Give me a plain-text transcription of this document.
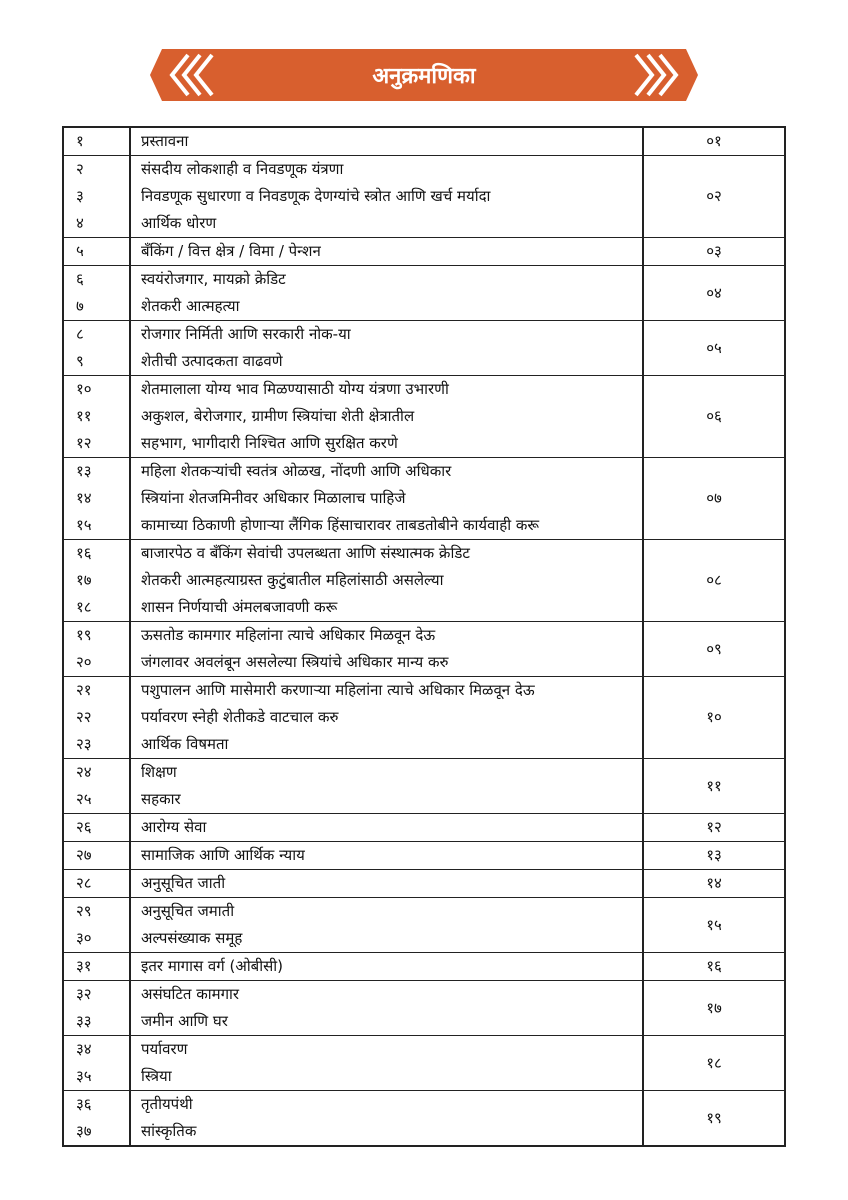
अनुक्रमणिका
१	प्रस्तावना	०१
२	संसदीय लोकशाही व निवडणूक यंत्रणा	०२
३	निवडणूक सुधारणा व निवडणूक देणग्यांचे स्त्रोत आणि खर्च मर्यादा	
४	आर्थिक धोरण	
५	बँकिंग / वित्त क्षेत्र / विमा / पेन्शन	०३
६	स्वयंरोजगार, मायक्रो क्रेडिट	०४
७	शेतकरी आत्महत्या	
८	रोजगार निर्मिती आणि सरकारी नोक-या	०५
९	शेतीची उत्पादकता वाढवणे	
१०	शेतमालाला योग्य भाव मिळण्यासाठी योग्य यंत्रणा उभारणी	०६
११	अकुशल, बेरोजगार, ग्रामीण स्त्रियांचा शेती क्षेत्रातील	
१२	सहभाग, भागीदारी निश्चित आणि सुरक्षित करणे	
१३	महिला शेतकऱ्यांची स्वतंत्र ओळख, नोंदणी आणि अधिकार	०७
१४	स्त्रियांना शेतजमिनीवर अधिकार मिळालाच पाहिजे	
१५	कामाच्या ठिकाणी होणाऱ्या लैंगिक हिंसाचारावर ताबडतोबीने कार्यवाही करू	
१६	बाजारपेठ व बँकिंग सेवांची उपलब्धता आणि संस्थात्मक क्रेडिट	०८
१७	शेतकरी आत्महत्याग्रस्त कुटुंबातील महिलांसाठी असलेल्या	
१८	शासन निर्णयाची अंमलबजावणी करू	
१९	ऊसतोड कामगार महिलांना त्याचे अधिकार मिळवून देऊ	०९
२०	जंगलावर अवलंबून असलेल्या स्त्रियांचे अधिकार मान्य करु	
२१	पशुपालन आणि मासेमारी करणाऱ्या महिलांना त्याचे अधिकार मिळवून देऊ	१०
२२	पर्यावरण स्नेही शेतीकडे वाटचाल करु	
२३	आर्थिक विषमता	
२४	शिक्षण	११
२५	सहकार	
२६	आरोग्य सेवा	१२
२७	सामाजिक आणि आर्थिक न्याय	१३
२८	अनुसूचित जाती	१४
२९	अनुसूचित जमाती	१५
३०	अल्पसंख्याक समूह	
३१	इतर मागास वर्ग (ओबीसी)	१६
३२	असंघटित कामगार	१७
३३	जमीन आणि घर	
३४	पर्यावरण	१८
३५	स्त्रिया	
३६	तृतीयपंथी	१९
३७	सांस्कृतिक	
